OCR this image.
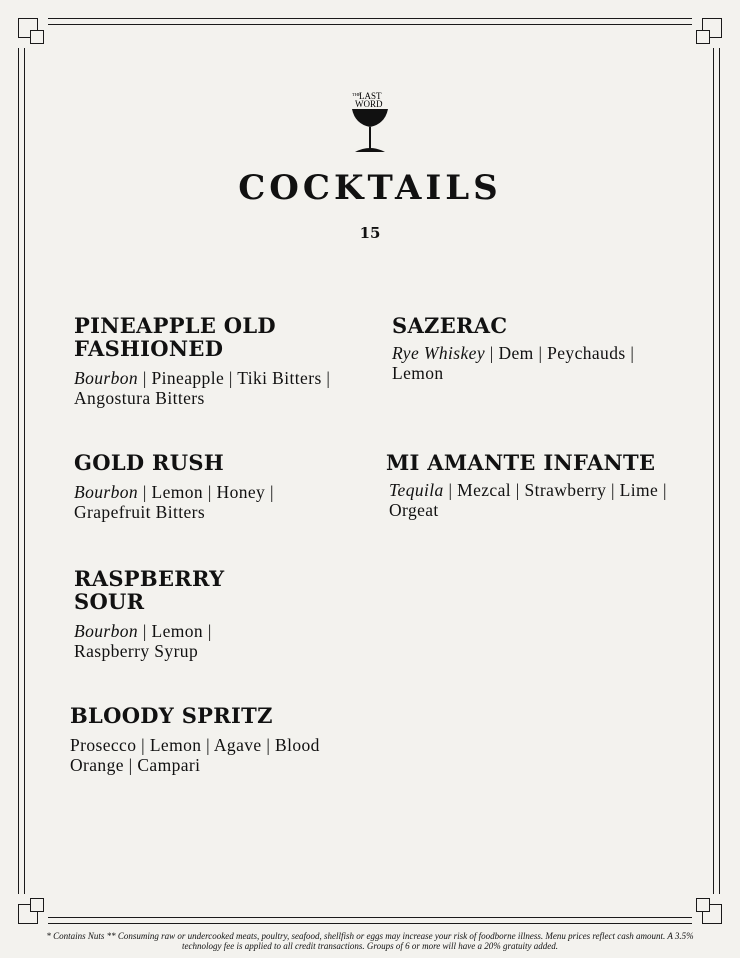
THE
LAST
WORD
COCKTAILS
15
PINEAPPLE OLD FASHIONED
Bourbon | Pineapple | Tiki Bitters | Angostura Bitters
SAZERAC
Rye Whiskey | Dem | Peychauds | Lemon
GOLD RUSH
Bourbon | Lemon | Honey | Grapefruit Bitters
MI AMANTE INFANTE
Tequila | Mezcal | Strawberry | Lime | Orgeat
RASPBERRY SOUR
Bourbon | Lemon | Raspberry Syrup
BLOODY SPRITZ
Prosecco | Lemon | Agave | Blood Orange | Campari
* Contains Nuts ** Consuming raw or undercooked meats, poultry, seafood, shellfish or eggs may increase your risk of foodborne illness. Menu prices reflect cash amount. A 3.5% technology fee is applied to all credit transactions. Groups of 6 or more will have a 20% gratuity added.
